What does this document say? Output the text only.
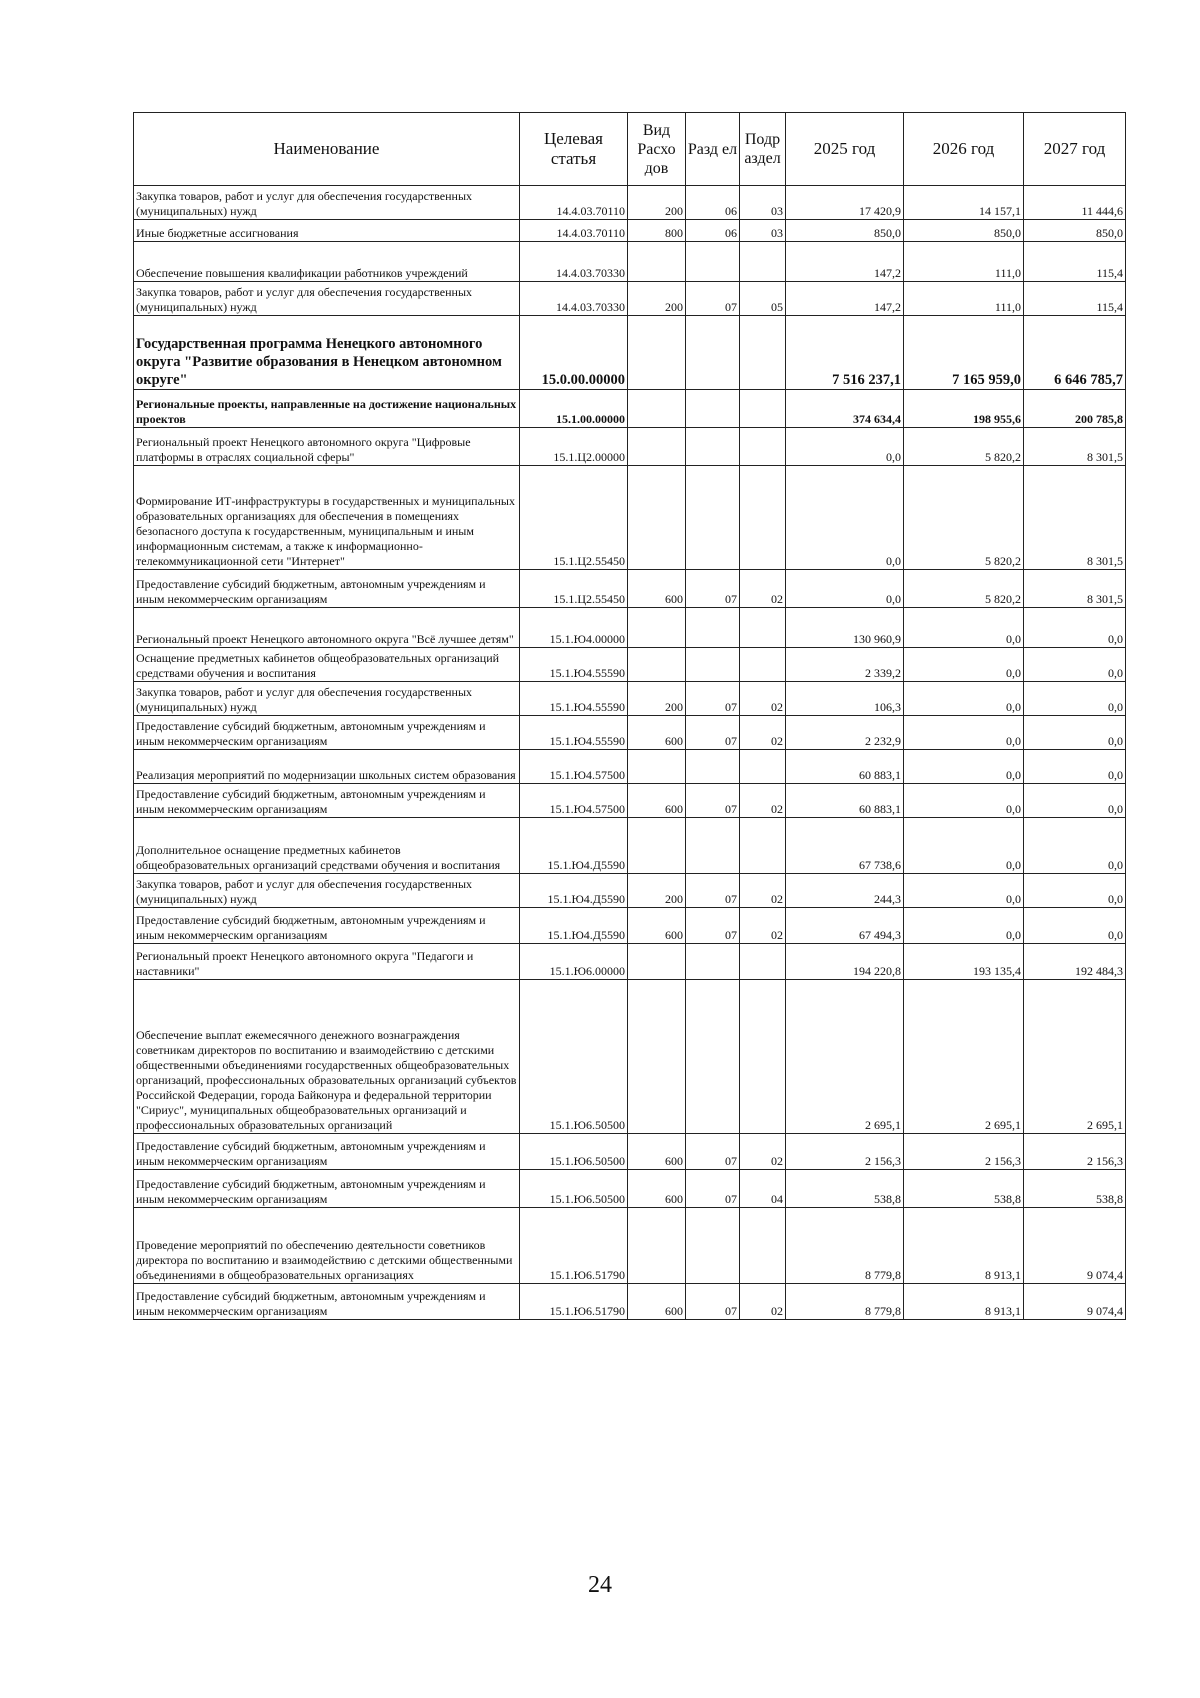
Наименование	Целевая статья	Вид Расхо дов	Разд ел	Подр аздел	2025 год	2026 год	2027 год
Закупка товаров, работ и услуг для обеспечения государственных (муниципальных) нужд	14.4.03.70110	200	06	03	17 420,9	14 157,1	11 444,6
Иные бюджетные ассигнования	14.4.03.70110	800	06	03	850,0	850,0	850,0
Обеспечение повышения квалификации работников учреждений	14.4.03.70330				147,2	111,0	115,4
Закупка товаров, работ и услуг для обеспечения государственных (муниципальных) нужд	14.4.03.70330	200	07	05	147,2	111,0	115,4
Государственная программа Ненецкого автономного округа "Развитие образования в Ненецком автономном округе"	15.0.00.00000				7 516 237,1	7 165 959,0	6 646 785,7
Региональные проекты, направленные на достижение национальных проектов	15.1.00.00000				374 634,4	198 955,6	200 785,8
Региональный проект Ненецкого автономного округа "Цифровые платформы в отраслях социальной сферы"	15.1.Ц2.00000				0,0	5 820,2	8 301,5
Формирование ИТ-инфраструктуры в государственных и муниципальных образовательных организациях для обеспечения в помещениях безопасного доступа к государственным, муниципальным и иным информационным системам, а также к информационно-телекоммуникационной сети "Интернет"	15.1.Ц2.55450				0,0	5 820,2	8 301,5
Предоставление субсидий бюджетным, автономным учреждениям и иным некоммерческим организациям	15.1.Ц2.55450	600	07	02	0,0	5 820,2	8 301,5
Региональный проект Ненецкого автономного округа "Всё лучшее детям"	15.1.Ю4.00000				130 960,9	0,0	0,0
Оснащение предметных кабинетов общеобразовательных организаций средствами обучения и воспитания	15.1.Ю4.55590				2 339,2	0,0	0,0
Закупка товаров, работ и услуг для обеспечения государственных (муниципальных) нужд	15.1.Ю4.55590	200	07	02	106,3	0,0	0,0
Предоставление субсидий бюджетным, автономным учреждениям и иным некоммерческим организациям	15.1.Ю4.55590	600	07	02	2 232,9	0,0	0,0
Реализация мероприятий по модернизации школьных систем образования	15.1.Ю4.57500				60 883,1	0,0	0,0
Предоставление субсидий бюджетным, автономным учреждениям и иным некоммерческим организациям	15.1.Ю4.57500	600	07	02	60 883,1	0,0	0,0
Дополнительное оснащение предметных кабинетов общеобразовательных организаций средствами обучения и воспитания	15.1.Ю4.Д5590				67 738,6	0,0	0,0
Закупка товаров, работ и услуг для обеспечения государственных (муниципальных) нужд	15.1.Ю4.Д5590	200	07	02	244,3	0,0	0,0
Предоставление субсидий бюджетным, автономным учреждениям и иным некоммерческим организациям	15.1.Ю4.Д5590	600	07	02	67 494,3	0,0	0,0
Региональный проект Ненецкого автономного округа "Педагоги и наставники"	15.1.Ю6.00000				194 220,8	193 135,4	192 484,3
Обеспечение выплат ежемесячного денежного вознаграждения советникам директоров по воспитанию и взаимодействию с детскими общественными объединениями государственных общеобразовательных организаций, профессиональных образовательных организаций субъектов Российской Федерации, города Байконура и федеральной территории "Сириус", муниципальных общеобразовательных организаций и профессиональных образовательных организаций	15.1.Ю6.50500				2 695,1	2 695,1	2 695,1
Предоставление субсидий бюджетным, автономным учреждениям и иным некоммерческим организациям	15.1.Ю6.50500	600	07	02	2 156,3	2 156,3	2 156,3
Предоставление субсидий бюджетным, автономным учреждениям и иным некоммерческим организациям	15.1.Ю6.50500	600	07	04	538,8	538,8	538,8
Проведение мероприятий по обеспечению деятельности советников директора по воспитанию и взаимодействию с детскими общественными объединениями в общеобразовательных организациях	15.1.Ю6.51790				8 779,8	8 913,1	9 074,4
Предоставление субсидий бюджетным, автономным учреждениям и иным некоммерческим организациям	15.1.Ю6.51790	600	07	02	8 779,8	8 913,1	9 074,4
24
